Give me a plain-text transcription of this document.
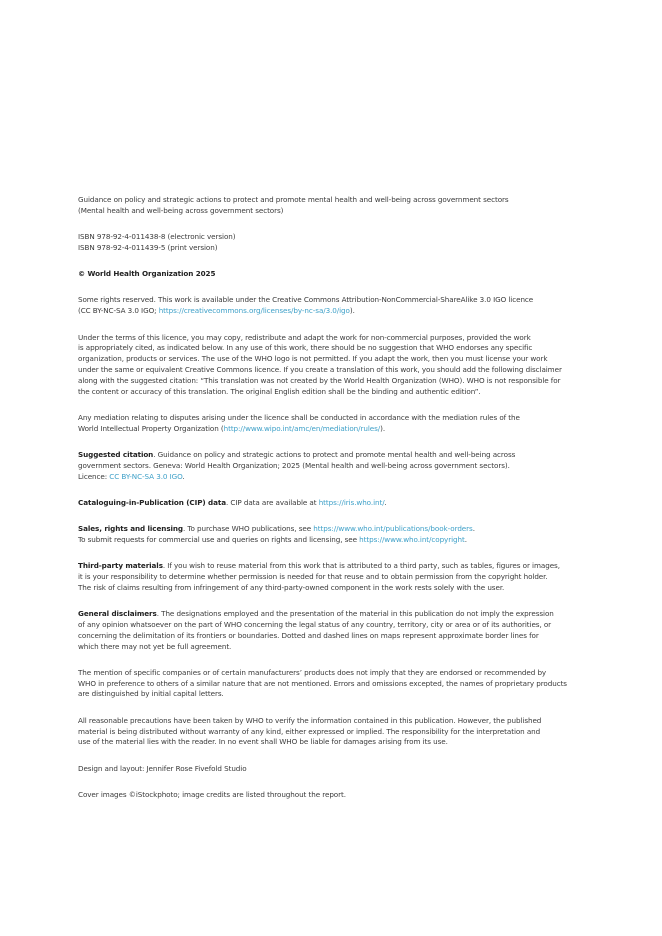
Guidance on policy and strategic actions to protect and promote mental health and well-being across government sectors
(Mental health and well-being across government sectors)
ISBN 978-92-4-011438-8 (electronic version)
ISBN 978-92-4-011439-5 (print version)
© World Health Organization 2025
Some rights reserved. This work is available under the Creative Commons Attribution-NonCommercial-ShareAlike 3.0 IGO licence
(CC BY-NC-SA 3.0 IGO; https://creativecommons.org/licenses/by-nc-sa/3.0/igo).
Under the terms of this licence, you may copy, redistribute and adapt the work for non-commercial purposes, provided the work
is appropriately cited, as indicated below. In any use of this work, there should be no suggestion that WHO endorses any specific
organization, products or services. The use of the WHO logo is not permitted. If you adapt the work, then you must license your work
under the same or equivalent Creative Commons licence. If you create a translation of this work, you should add the following disclaimer
along with the suggested citation: “This translation was not created by the World Health Organization (WHO). WHO is not responsible for
the content or accuracy of this translation. The original English edition shall be the binding and authentic edition”.
Any mediation relating to disputes arising under the licence shall be conducted in accordance with the mediation rules of the
World Intellectual Property Organization (http://www.wipo.int/amc/en/mediation/rules/).
Suggested citation. Guidance on policy and strategic actions to protect and promote mental health and well-being across
government sectors. Geneva: World Health Organization; 2025 (Mental health and well-being across government sectors).
Licence: CC BY-NC-SA 3.0 IGO.
Cataloguing-in-Publication (CIP) data. CIP data are available at https://iris.who.int/.
Sales, rights and licensing. To purchase WHO publications, see https://www.who.int/publications/book-orders.
To submit requests for commercial use and queries on rights and licensing, see https://www.who.int/copyright.
Third-party materials. If you wish to reuse material from this work that is attributed to a third party, such as tables, figures or images,
it is your responsibility to determine whether permission is needed for that reuse and to obtain permission from the copyright holder.
The risk of claims resulting from infringement of any third-party-owned component in the work rests solely with the user.
General disclaimers. The designations employed and the presentation of the material in this publication do not imply the expression
of any opinion whatsoever on the part of WHO concerning the legal status of any country, territory, city or area or of its authorities, or
concerning the delimitation of its frontiers or boundaries. Dotted and dashed lines on maps represent approximate border lines for
which there may not yet be full agreement.
The mention of specific companies or of certain manufacturers’ products does not imply that they are endorsed or recommended by
WHO in preference to others of a similar nature that are not mentioned. Errors and omissions excepted, the names of proprietary products
are distinguished by initial capital letters.
All reasonable precautions have been taken by WHO to verify the information contained in this publication. However, the published
material is being distributed without warranty of any kind, either expressed or implied. The responsibility for the interpretation and
use of the material lies with the reader. In no event shall WHO be liable for damages arising from its use.
Design and layout: Jennifer Rose Fivefold Studio
Cover images ©iStockphoto; image credits are listed throughout the report.
